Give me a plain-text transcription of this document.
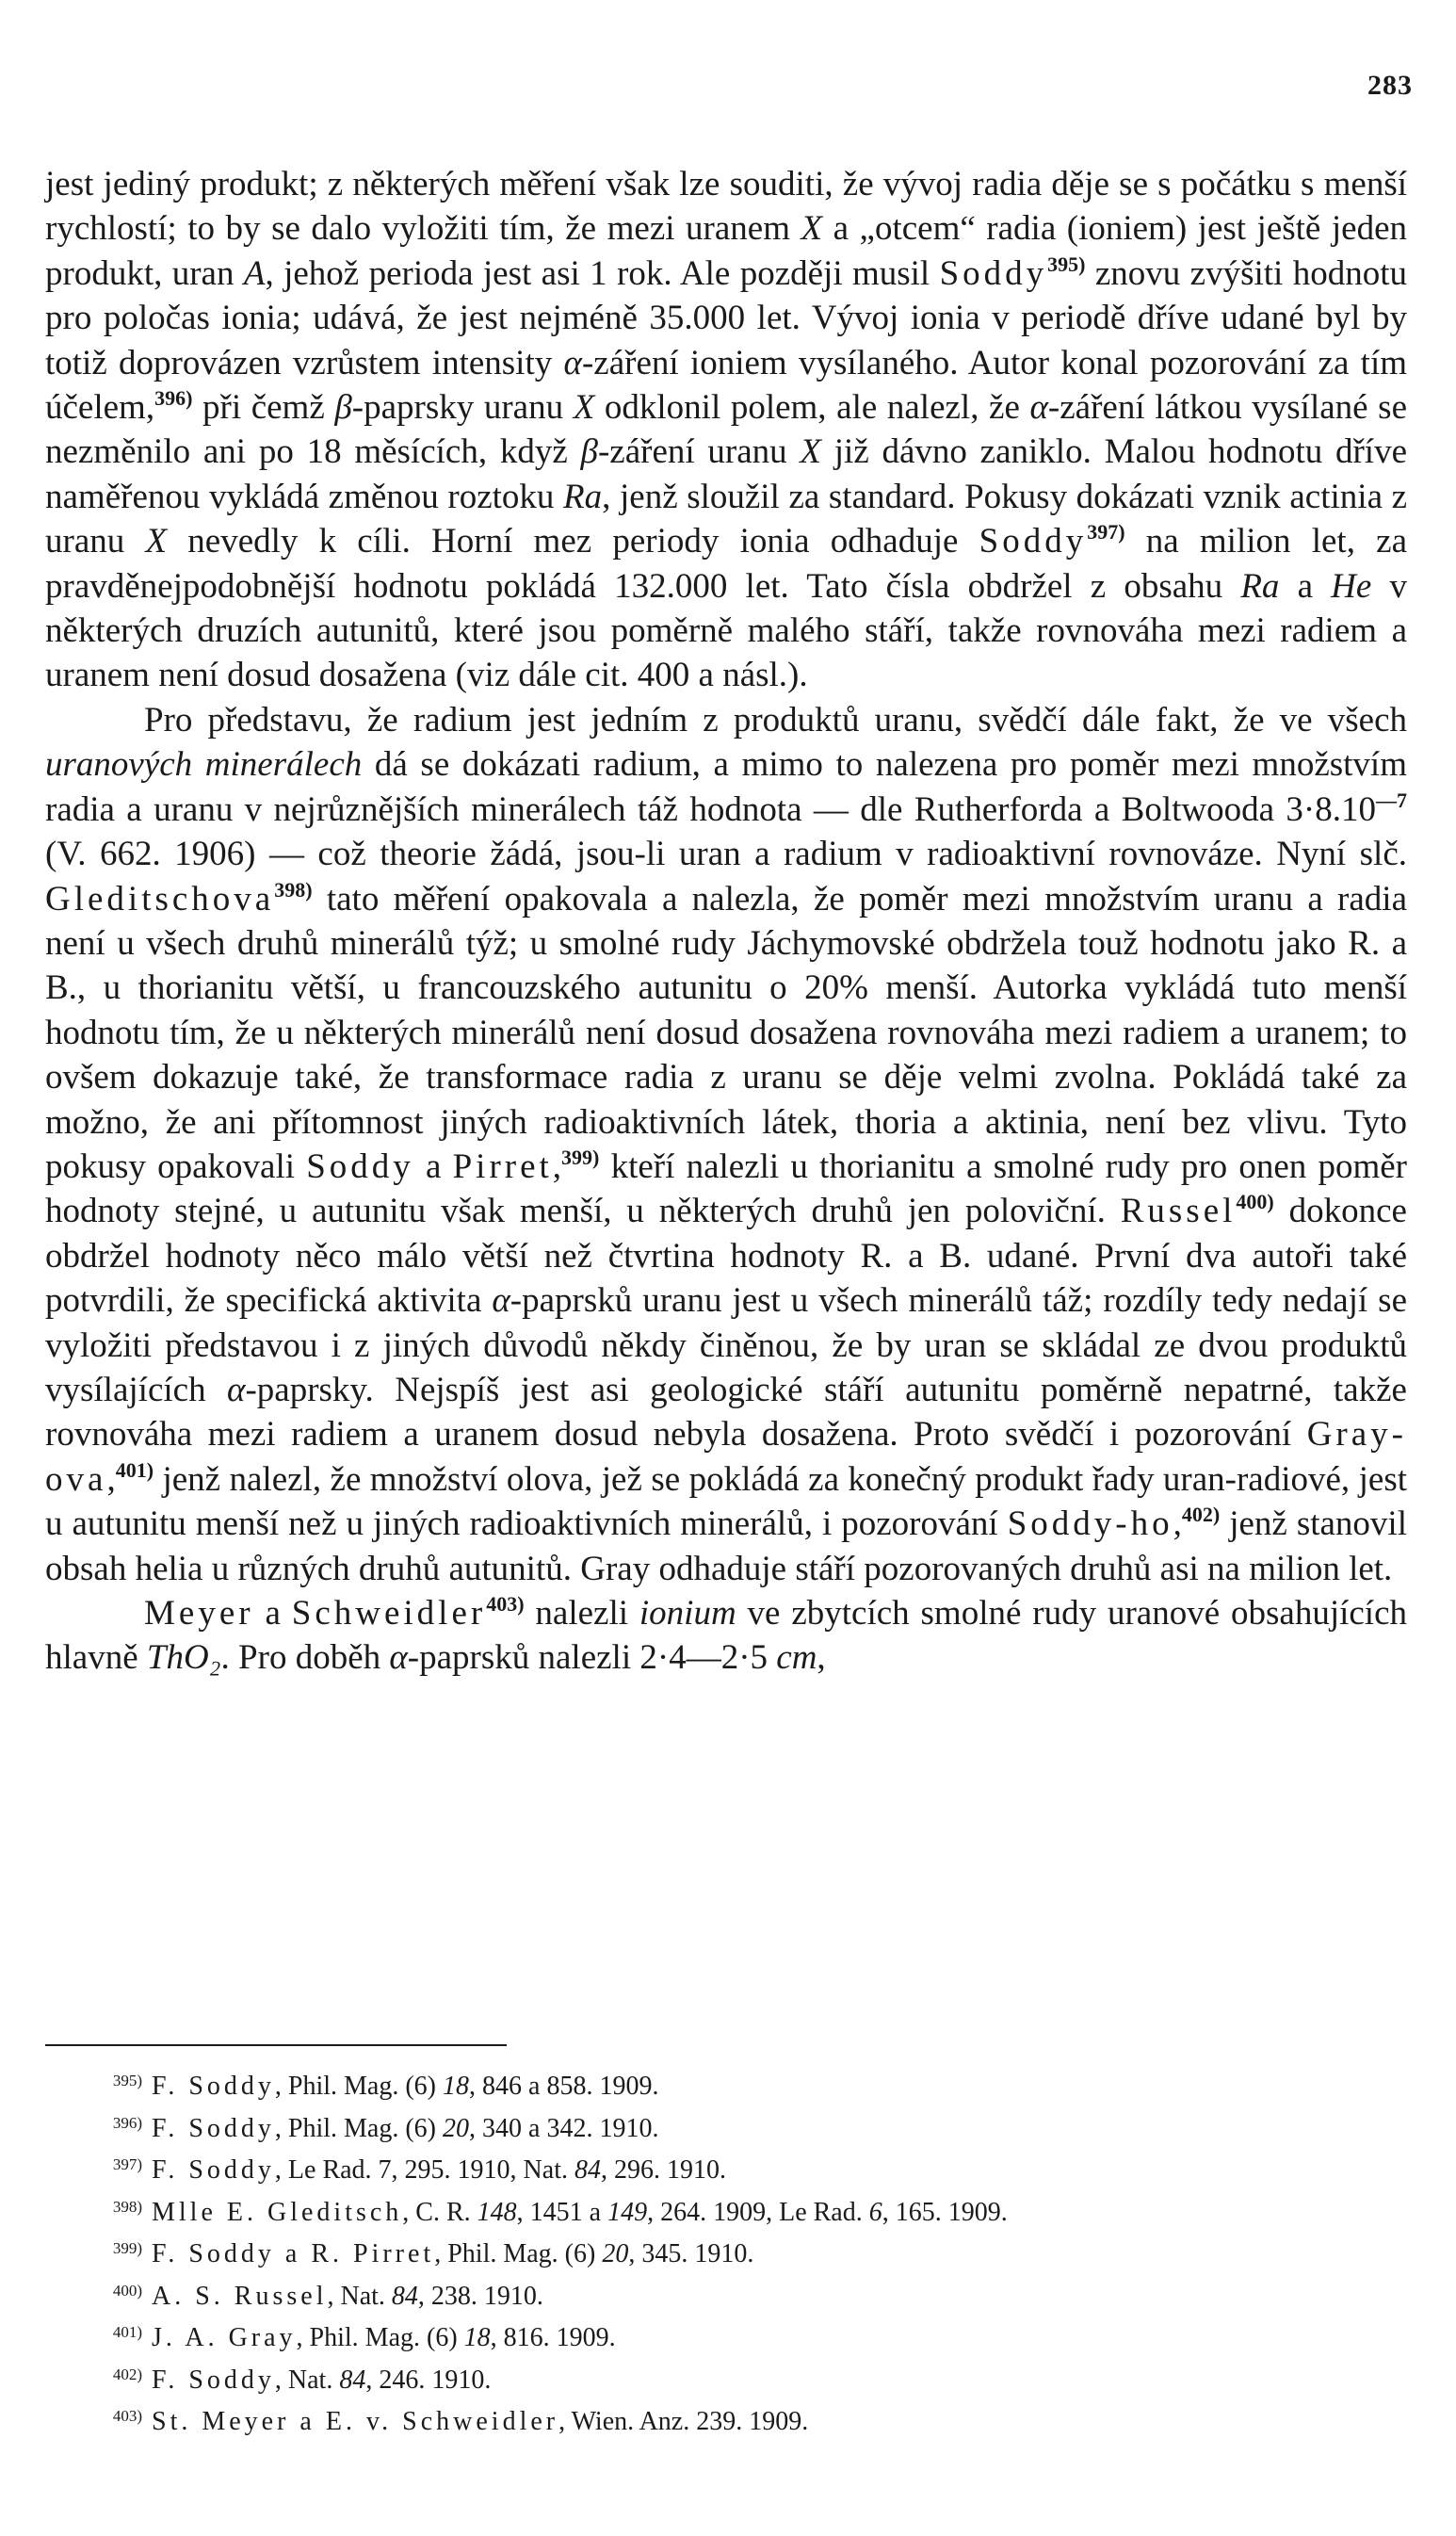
283

jest jediný produkt; z některých měření však lze souditi, že vývoj radia děje se s počátku s menší rychlostí; to by se dalo vyložiti tím, že mezi uranem X a „otcem“ radia (ioniem) jest ještě jeden produkt, uran A, jehož perioda jest asi 1 rok. Ale později musil Soddy$^{395)}$ znovu zvýšiti hodnotu pro poločas ionia; udává, že jest nejméně 35.000 let. Vývoj ionia v periodě dříve udané byl by totiž doprovázen vzrůstem intensity α-záření ioniem vysílaného. Autor konal pozorování za tím účelem,$^{396)}$ při čemž β-paprsky uranu X odklonil polem, ale nalezl, že α-záření látkou vysílané se nezměnilo ani po 18 měsících, když β-záření uranu X již dávno zaniklo. Malou hodnotu dříve naměřenou vykládá změnou roztoku Ra, jenž sloužil za standard. Pokusy dokázati vznik actinia z uranu X nevedly k cíli. Horní mez periody ionia odhaduje Soddy$^{397)}$ na milion let, za pravděnejpodobnější hodnotu pokládá 132.000 let. Tato čísla obdržel z obsahu Ra a He v některých druzích autunitů, které jsou poměrně malého stáří, takže rovnováha mezi radiem a uranem není dosud dosažena (viz dále cit. 400 a násl.).

Pro představu, že radium jest jedním z produktů uranu, svědčí dále fakt, že ve všech uranových minerálech dá se dokázati radium, a mimo to nalezena pro poměr mezi množstvím radia a uranu v nejrůznějších minerálech táž hodnota — dle Rutherforda a Boltwooda 3·8.10$^{—7}$ (V. 662. 1906) — což theorie žádá, jsou-li uran a radium v radioaktivní rovnováze. Nyní slč. Gleditschova$^{398)}$ tato měření opakovala a nalezla, že poměr mezi množstvím uranu a radia není u všech druhů minerálů týž; u smolné rudy Jáchymovské obdržela touž hodnotu jako R. a B., u thorianitu větší, u francouzského autunitu o 20% menší. Autorka vykládá tuto menší hodnotu tím, že u některých minerálů není dosud dosažena rovnováha mezi radiem a uranem; to ovšem dokazuje také, že transformace radia z uranu se děje velmi zvolna. Pokládá také za možno, že ani přítomnost jiných radioaktivních látek, thoria a aktinia, není bez vlivu. Tyto pokusy opakovali Soddy a Pirret,$^{399)}$ kteří nalezli u thorianitu a smolné rudy pro onen poměr hodnoty stejné, u autunitu však menší, u některých druhů jen poloviční. Russel$^{400)}$ dokonce obdržel hodnoty něco málo větší než čtvrtina hodnoty R. a B. udané. První dva autoři také potvrdili, že specifická aktivita α-paprsků uranu jest u všech minerálů táž; rozdíly tedy nedají se vyložiti představou i z jiných důvodů někdy činěnou, že by uran se skládal ze dvou produktů vysílajících α-paprsky. Nejspíš jest asi geologické stáří autunitu poměrně nepatrné, takže rovnováha mezi radiem a uranem dosud nebyla dosažena. Proto svědčí i pozorování Gray-ova,$^{401)}$ jenž nalezl, že množství olova, jež se pokládá za konečný produkt řady uran-radiové, jest u autunitu menší než u jiných radioaktivních minerálů, i pozorování Soddy-ho,$^{402)}$ jenž stanovil obsah helia u různých druhů autunitů. Gray odhaduje stáří pozorovaných druhů asi na milion let.

Meyer a Schweidler$^{403)}$ nalezli ionium ve zbytcích smolné rudy uranové obsahujících hlavně ThO₂. Pro doběh α-paprsků nalezli 2·4—2·5 cm,

$^{395)}$ F. Soddy, Phil. Mag. (6) 18, 846 a 858. 1909.

$^{396)}$ F. Soddy, Phil. Mag. (6) 20, 340 a 342. 1910.

$^{397)}$ F. Soddy, Le Rad. 7, 295. 1910, Nat. 84, 296. 1910.

$^{398)}$ Mlle E. Gleditsch, C. R. 148, 1451 a 149, 264. 1909, Le Rad. 6, 165. 1909.

$^{399)}$ F. Soddy a R. Pirret, Phil. Mag. (6) 20, 345. 1910.

$^{400)}$ A. S. Russel, Nat. 84, 238. 1910.

$^{401)}$ J. A. Gray, Phil. Mag. (6) 18, 816. 1909.

$^{402)}$ F. Soddy, Nat. 84, 246. 1910.

$^{403)}$ St. Meyer a E. v. Schweidler, Wien. Anz. 239. 1909.
